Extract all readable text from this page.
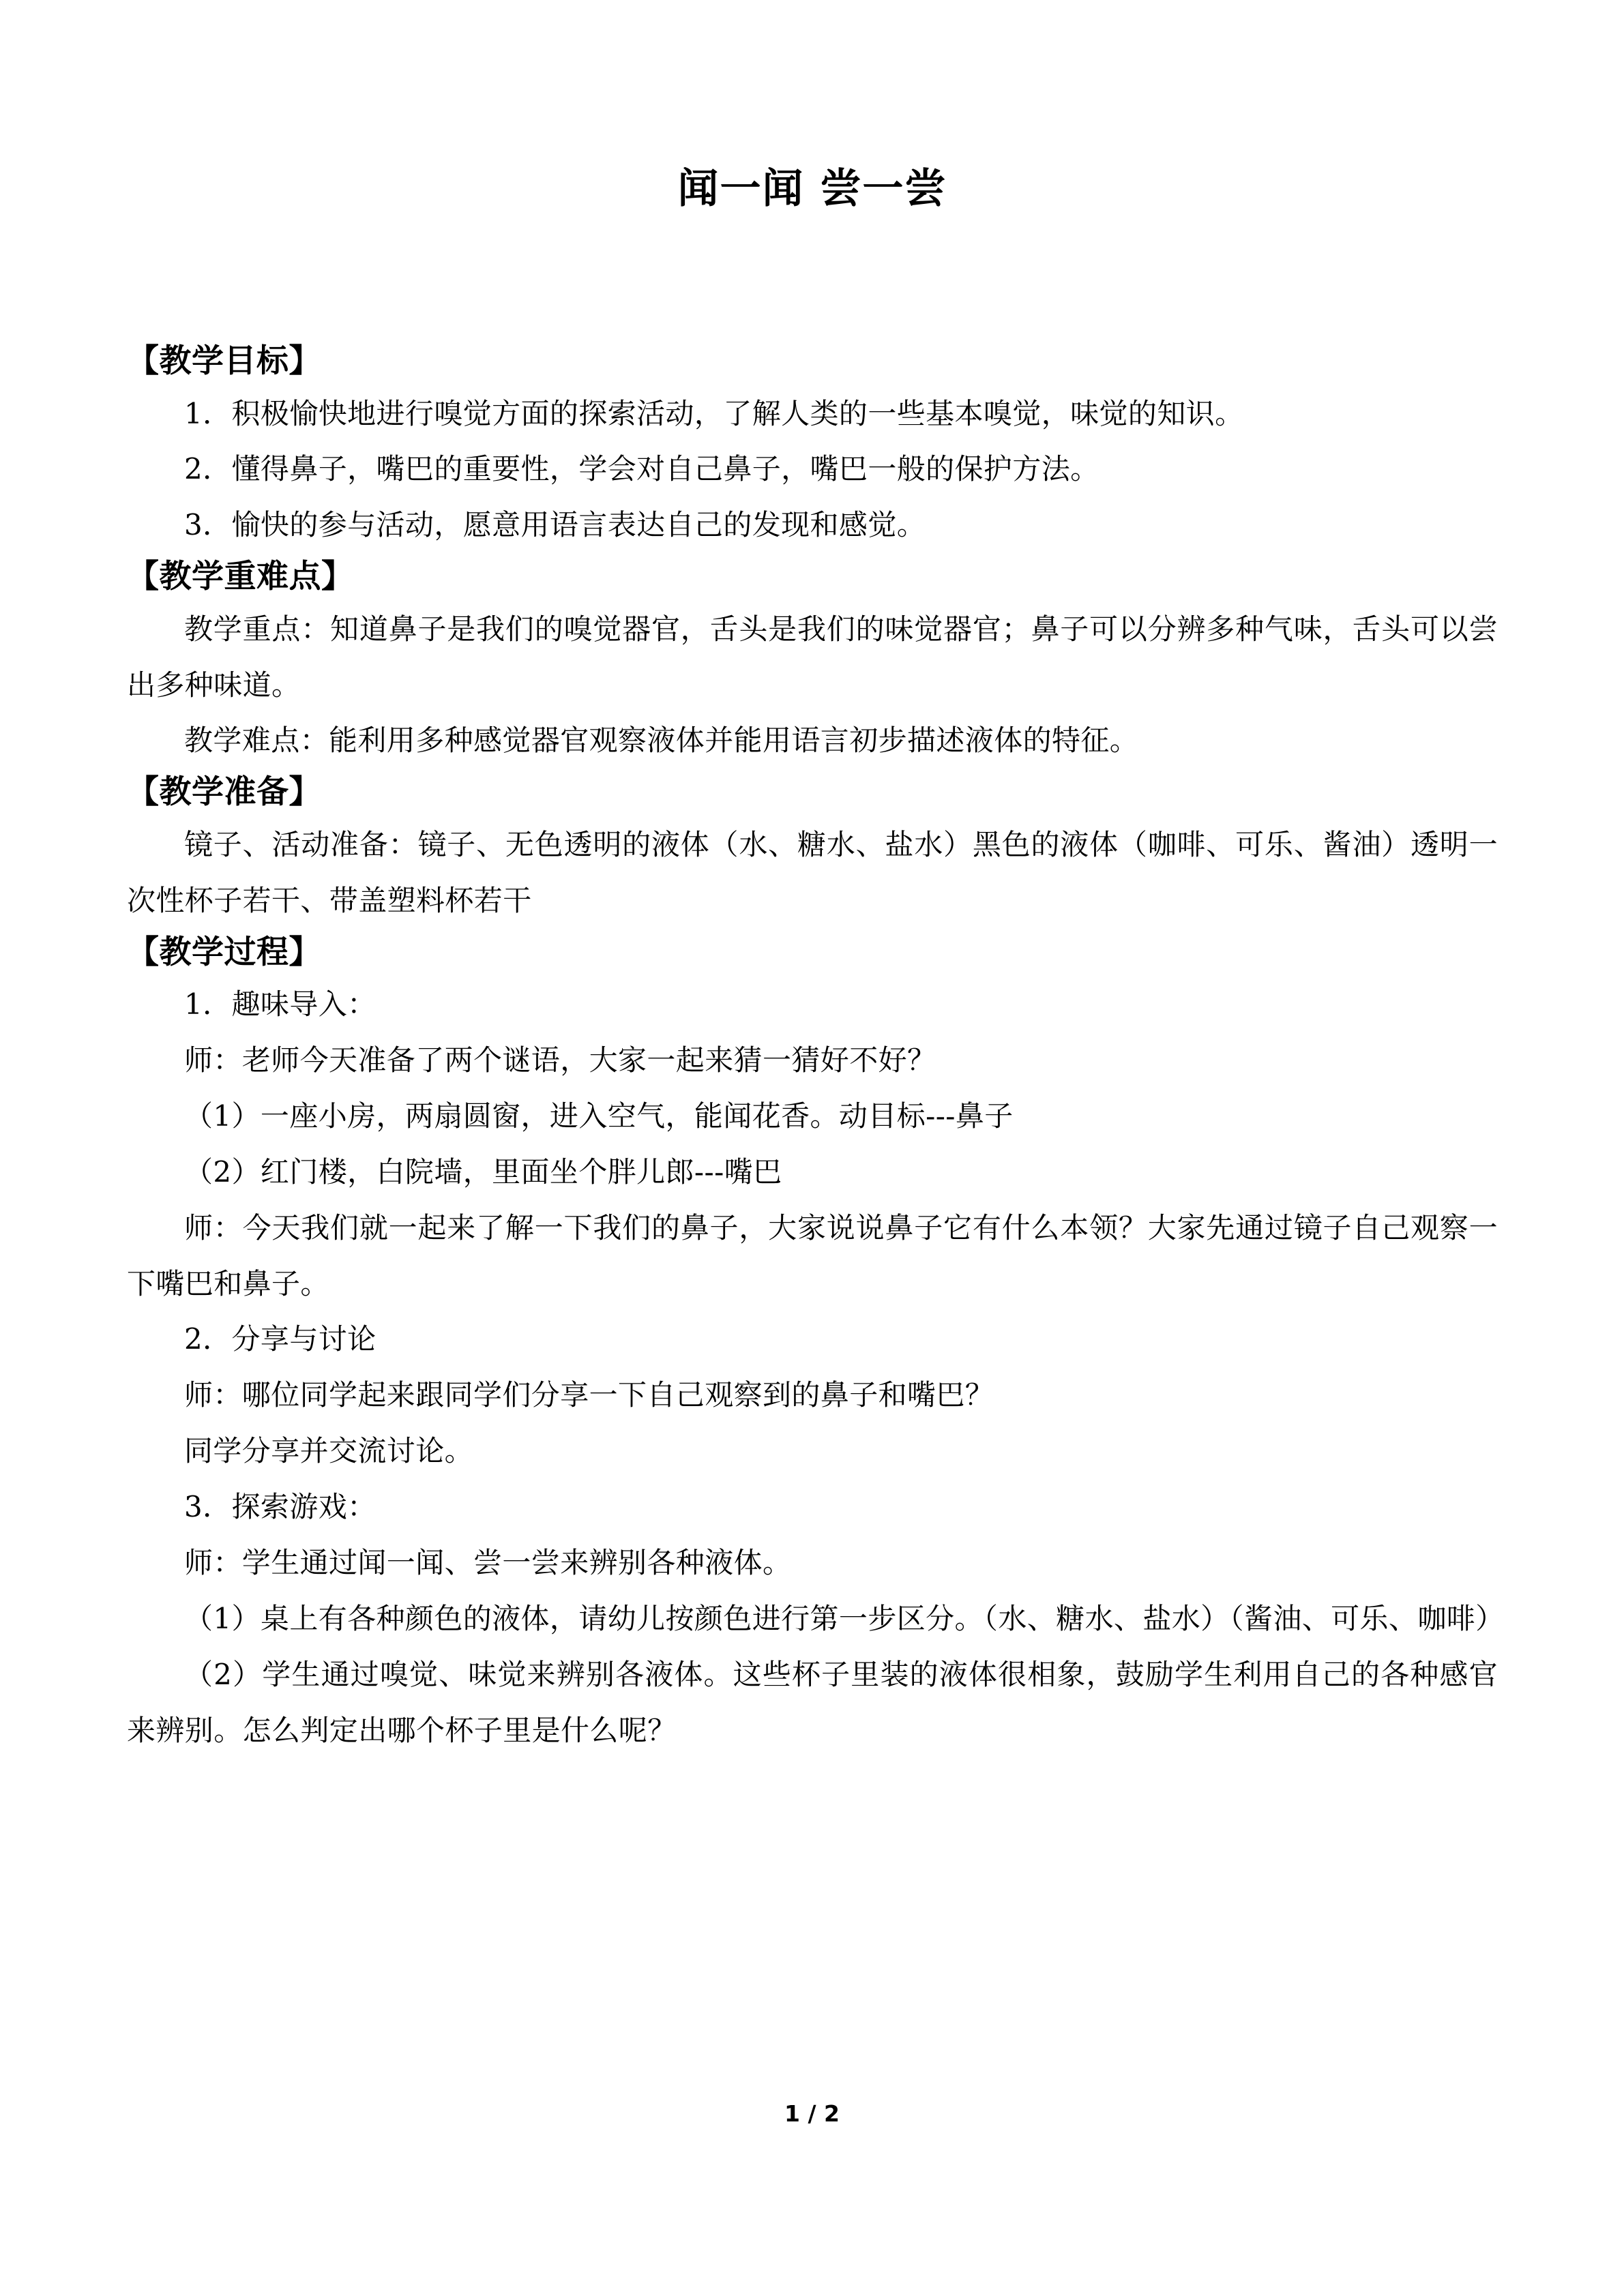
闻一闻 尝一尝
【教学目标】

1．积极愉快地进行嗅觉方面的探索活动，了解人类的一些基本嗅觉，味觉的知识。

2．懂得鼻子，嘴巴的重要性，学会对自己鼻子，嘴巴一般的保护方法。

3．愉快的参与活动，愿意用语言表达自己的发现和感觉。

【教学重难点】

教学重点：知道鼻子是我们的嗅觉器官，舌头是我们的味觉器官；鼻子可以分辨多种气味，舌头可以尝出多种味道。

教学难点：能利用多种感觉器官观察液体并能用语言初步描述液体的特征。

【教学准备】

镜子、活动准备：镜子、无色透明的液体（水、糖水、盐水）黑色的液体（咖啡、可乐、酱油）透明一次性杯子若干、带盖塑料杯若干

【教学过程】

1．趣味导入：

师：老师今天准备了两个谜语，大家一起来猜一猜好不好？

（1）一座小房，两扇圆窗，进入空气，能闻花香。动目标---鼻子

（2）红门楼，白院墙，里面坐个胖儿郎---嘴巴

师：今天我们就一起来了解一下我们的鼻子，大家说说鼻子它有什么本领？大家先通过镜子自己观察一下嘴巴和鼻子。

2．分享与讨论

师：哪位同学起来跟同学们分享一下自己观察到的鼻子和嘴巴？

同学分享并交流讨论。

3．探索游戏：

师：学生通过闻一闻、尝一尝来辨别各种液体。

（1）桌上有各种颜色的液体，请幼儿按颜色进行第一步区分。（水、糖水、盐水）（酱油、可乐、咖啡）

（2）学生通过嗅觉、味觉来辨别各液体。这些杯子里装的液体很相象，鼓励学生利用自己的各种感官来辨别。怎么判定出哪个杯子里是什么呢？

1 / 2
